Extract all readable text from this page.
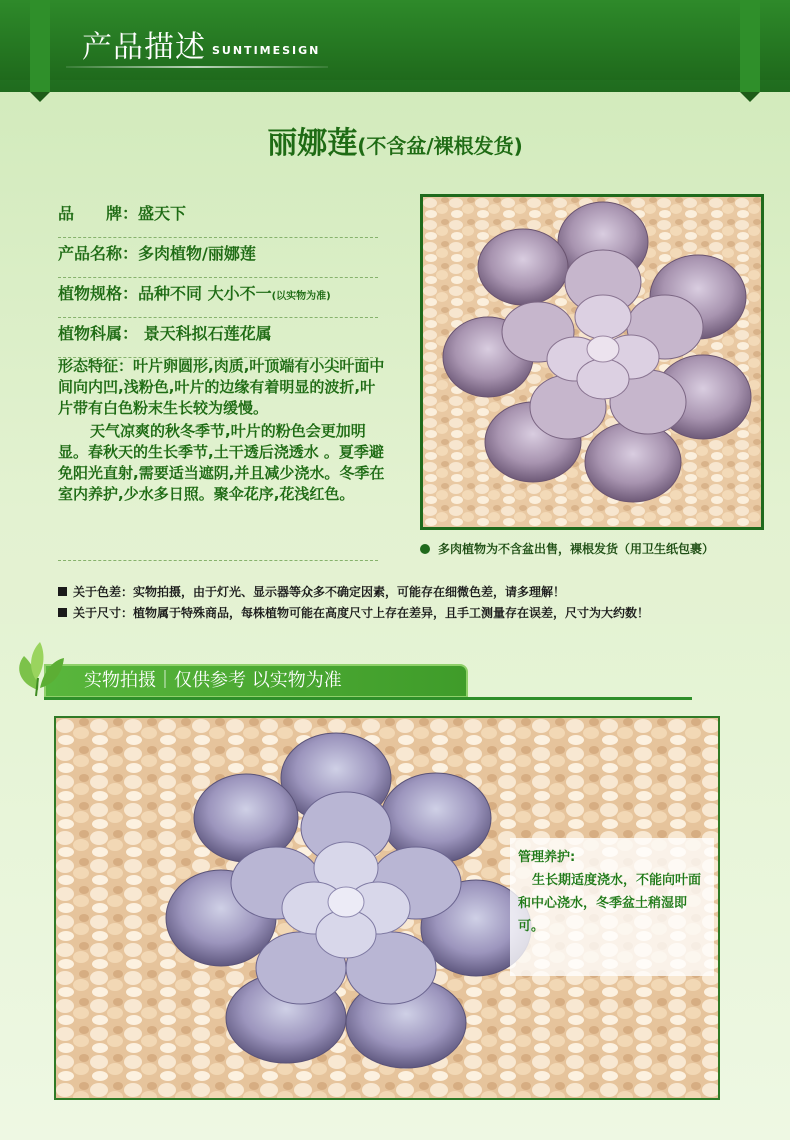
产品描述 SUNTIMESIGN
丽娜莲(不含盆/裸根发货)
品　　牌：盛天下
产品名称：多肉植物/丽娜莲
植物规格：品种不同 大小不一(以实物为准)
植物科属： 景天科拟石莲花属

形态特征：叶片卵圆形,肉质,叶顶端有小尖叶面中间向内凹,浅粉色,叶片的边缘有着明显的波折,叶片带有白色粉末生长较为缓慢。

天气凉爽的秋冬季节,叶片的粉色会更加明显。春秋天的生长季节,土干透后浇透水 。夏季避免阳光直射,需要适当遮阴,并且减少浇水。冬季在室内养护,少水多日照。聚伞花序,花浅红色。

多肉植物为不含盆出售，裸根发货（用卫生纸包裹）
关于色差：实物拍摄，由于灯光、显示器等众多不确定因素，可能存在细微色差，请多理解！
关于尺寸：植物属于特殊商品，每株植物可能在高度尺寸上存在差异，且手工测量存在误差，尺寸为大约数！
实物拍摄｜仅供参考 以实物为准
管理养护:
生长期适度浇水，不能向叶面和中心浇水，冬季盆土稍湿即可。
